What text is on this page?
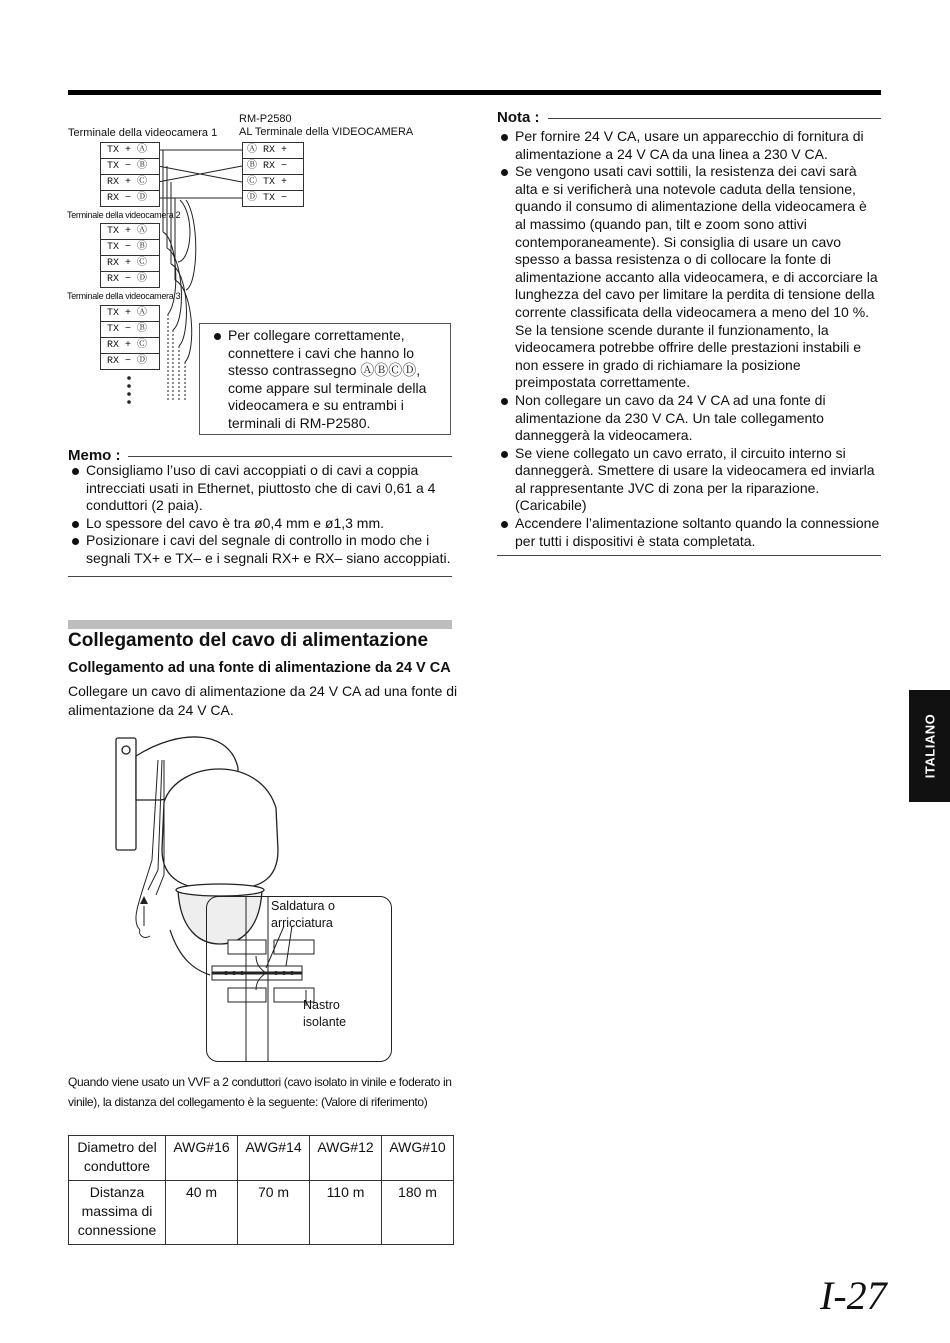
Terminale della videocamera 1
RM-P2580
AL Terminale della VIDEOCAMERA
Terminale della videocamera 2
Terminale della videocamera 3
TX + Ⓐ
TX − Ⓑ
RX + Ⓒ
RX − Ⓓ
TX + Ⓐ
TX − Ⓑ
RX + Ⓒ
RX − Ⓓ
TX + Ⓐ
TX − Ⓑ
RX + Ⓒ
RX − Ⓓ
Ⓐ RX +
Ⓑ RX −
Ⓒ TX +
Ⓓ TX −
Per collegare correttamente, connettere i cavi che hanno lo stesso contrassegno ⒶⒷⒸⒹ, come appare sul terminale della videocamera e su entrambi i terminali di RM-P2580.
Memo :
Consigliamo l’uso di cavi accoppiati o di cavi a coppia intrecciati usati in Ethernet, piuttosto che di cavi 0,61 a 4 conduttori (2 paia).
Lo spessore del cavo è tra ø0,4 mm e ø1,3 mm.
Posizionare i cavi del segnale di controllo in modo che i segnali TX+ e TX– e i segnali RX+ e RX– siano accoppiati.
Nota :
Per fornire 24 V CA, usare un apparecchio di fornitura di alimentazione a 24 V CA da una linea a 230 V CA.
Se vengono usati cavi sottili, la resistenza dei cavi sarà alta e si verificherà una notevole caduta della tensione, quando il consumo di alimentazione della videocamera è al massimo (quando pan, tilt e zoom sono attivi contemporaneamente). Si consiglia di usare un cavo spesso a bassa resistenza o di collocare la fonte di alimentazione accanto alla videocamera, e di accorciare la lunghezza del cavo per limitare la perdita di tensione della corrente classificata della videocamera a meno del 10 %. Se la tensione scende durante il funzionamento, la videocamera potrebbe offrire delle prestazioni instabili e non essere in grado di richiamare la posizione preimpostata correttamente.
Non collegare un cavo da 24 V CA ad una fonte di alimentazione da 230 V CA. Un tale collegamento danneggerà la videocamera.
Se viene collegato un cavo errato, il circuito interno si danneggerà. Smettere di usare la videocamera ed inviarla al rappresentante JVC di zona per la riparazione. (Caricabile)
Accendere l’alimentazione soltanto quando la connessione per tutti i dispositivi è stata completata.
Collegamento del cavo di alimentazione
Collegamento ad una fonte di alimentazione da 24 V CA
Collegare un cavo di alimentazione da 24 V CA ad una fonte di alimentazione da 24 V CA.
Saldatura o
arricciatura
Nastro
isolante
Quando viene usato un VVF a 2 conduttori (cavo isolato in vinile e foderato in vinile), la distanza del collegamento è la seguente: (Valore di riferimento)
Diametro del conduttore	AWG#16	AWG#14	AWG#12	AWG#10
Distanza massima di connessione	40 m	70 m	110 m	180 m
ITALIANO
I-27
